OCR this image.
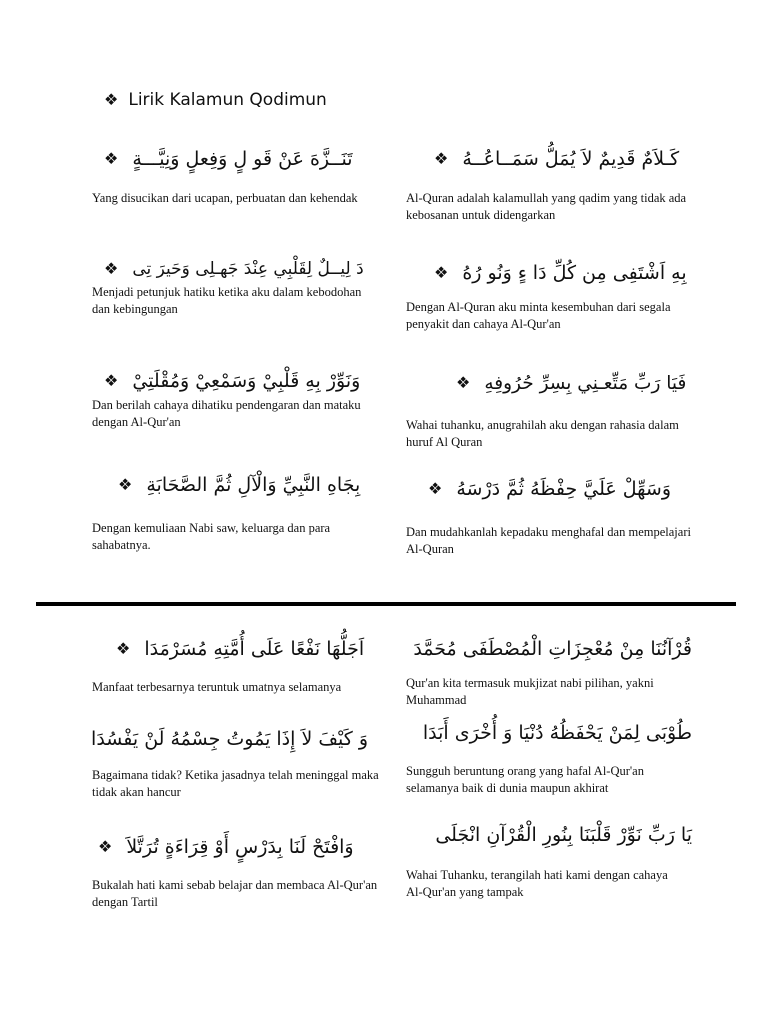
❖ Lirik Kalamun Qodimun
❖ تَنَــزَّهَ عَنْ قَو لٍ وَفِعلٍ وَنِيَّـــةٍ
Yang disucikan dari ucapan, perbuatan dan kehendak
❖ دَ لِيــلٌ لِقَلْبِي عِنْدَ جَهـلِى وَحَيرَ تِى
Menjadi petunjuk hatiku ketika aku dalam kebodohan dan kebingungan
❖ وَنَوِّرْ بِهِ قَلْبِيْ وَسَمْعِيْ وَمُقْلَتِيْ
Dan berilah cahaya dihatiku pendengaran dan mataku dengan Al-Qur'an
❖ بِجَاهِ النَّبِيِّ وَالْآلِ ثُمَّ الصَّحَابَةِ
Dengan kemuliaan Nabi saw, keluarga dan para sahabatnya.
❖ كَـلاَمٌ قَدِيمٌ لاَ يُمَلُّ سَمَــاعُــهُ
Al-Quran adalah kalamullah yang qadim yang tidak ada kebosanan untuk didengarkan
❖ بِهِ اَشْتَفِى مِن كُلِّ دَا ءٍ وَنُو رُهُ
Dengan Al-Quran aku minta kesembuhan dari segala penyakit dan cahaya Al-Qur'an
❖ فَيَا رَبِّ مَتِّعـنِي بِسِرِّ حُرُوفِهِ
Wahai tuhanku, anugrahilah aku dengan rahasia dalam huruf Al Quran
❖ وَسَهِّلْ عَلَيَّ حِفْظَهُ ثُمَّ دَرْسَهُ
Dan mudahkanlah kepadaku menghafal dan mempelajari Al-Quran
❖ اَجَلُّهَا نَفْعًا عَلَى أُمَّتِهِ مُسَرْمَدَا
Manfaat terbesarnya teruntuk umatnya selamanya
وَ كَيْفَ لاَ إِذَا يَمُوتُ جِسْمُهُ لَنْ يَفْسُدَا
Bagaimana tidak? Ketika jasadnya telah meninggal maka tidak akan hancur
❖ وَافْتَحْ لَنَا بِدَرْسٍ أَوْ قِرَاءَةٍ تُرَتَّلاَ
Bukalah hati kami sebab belajar dan membaca Al-Qur'an dengan Tartil
قُرْآنُنَا مِنْ مُعْجِزَاتِ الْمُصْطَفَى مُحَمَّدَ
Qur'an kita termasuk mukjizat nabi pilihan, yakni Muhammad
طُوْبَى لِمَنْ يَحْفَظُهُ دُنْيَا وَ أُخْرَى أَبَدَا
Sungguh beruntung orang yang hafal Al-Qur'an selamanya baik di dunia maupun akhirat
يَا رَبِّ نَوِّرْ قَلْبَنَا بِنُورِ الْقُرْآنِ انْجَلَى
Wahai Tuhanku, terangilah hati kami dengan cahaya Al-Qur'an yang tampak
